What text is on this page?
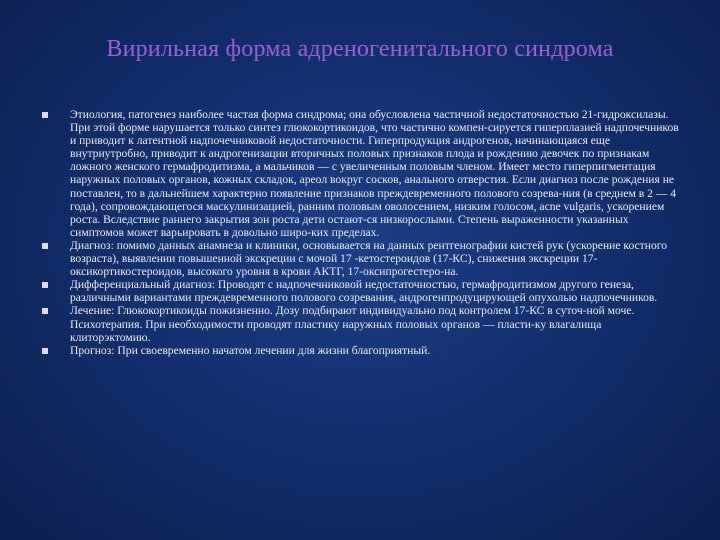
Вирильная форма адреногенитального синдрома
Этиология, патогенез наиболее частая форма синдрома; она обусловлена частичной недостаточностью 21-гидроксилазы. При этой форме нарушается только синтез глюкокортикоидов, что частично компен-сируется гиперплазией надпочечников и приводит к латентной надпочечниковой недостаточности. Гиперпродукция андрогенов, начинающаяся еще внутриутробно, приводит к андрогенизации вторичных половых признаков плода и рождению девочек по признакам ложного женского гермафродитизма, а мальчиков — с увеличенным половым членом. Имеет место гиперпигментация наружных половых органов, кожных складок, ареол вокруг сосков, анального отверстия. Если диагноз после рождения не поставлен, то в дальнейшем характерно появление признаков преждевременного полового созрева-ния (в среднем в 2 — 4 года), сопровождающегося маскулинизацией, ранним половым оволосением, низким голосом, acne vulgaris, ускорением роста. Вследствие раннего закрытия зон роста дети остают-ся низкорослыми. Степень выраженности указанных симптомов может варьировать в довольно широ-ких пределах.
Диагноз: помимо данных анамнеза и клиники, основывается на данных рентгенографии кистей рук (ускорение костного возраста), выявлении повышенной экскреции с мочой 17 -кетостероидов (17-КС), снижения экскреции 17-оксикортикостероидов, высокого уровня в крови АКТГ, 17-оксипрогестеро-на.
Дифференциальный диагноз: Проводят с надпочечниковой недостаточностью, гермафродитизмом другого генеза, различными вариантами преждевременного полового созревания, андрогенпродуцирующей опухолью надпочечников.
Лечение: Глюкокортикоиды пожизненно. Дозу подбирают индивидуально под контролем 17-КС в суточ-ной моче. Психотерапия. При необходимости проводят пластику наружных половых органов — пласти-ку влагалища клиторэктомию.
Прогноз: При своевременно начатом лечении для жизни благоприятный.
